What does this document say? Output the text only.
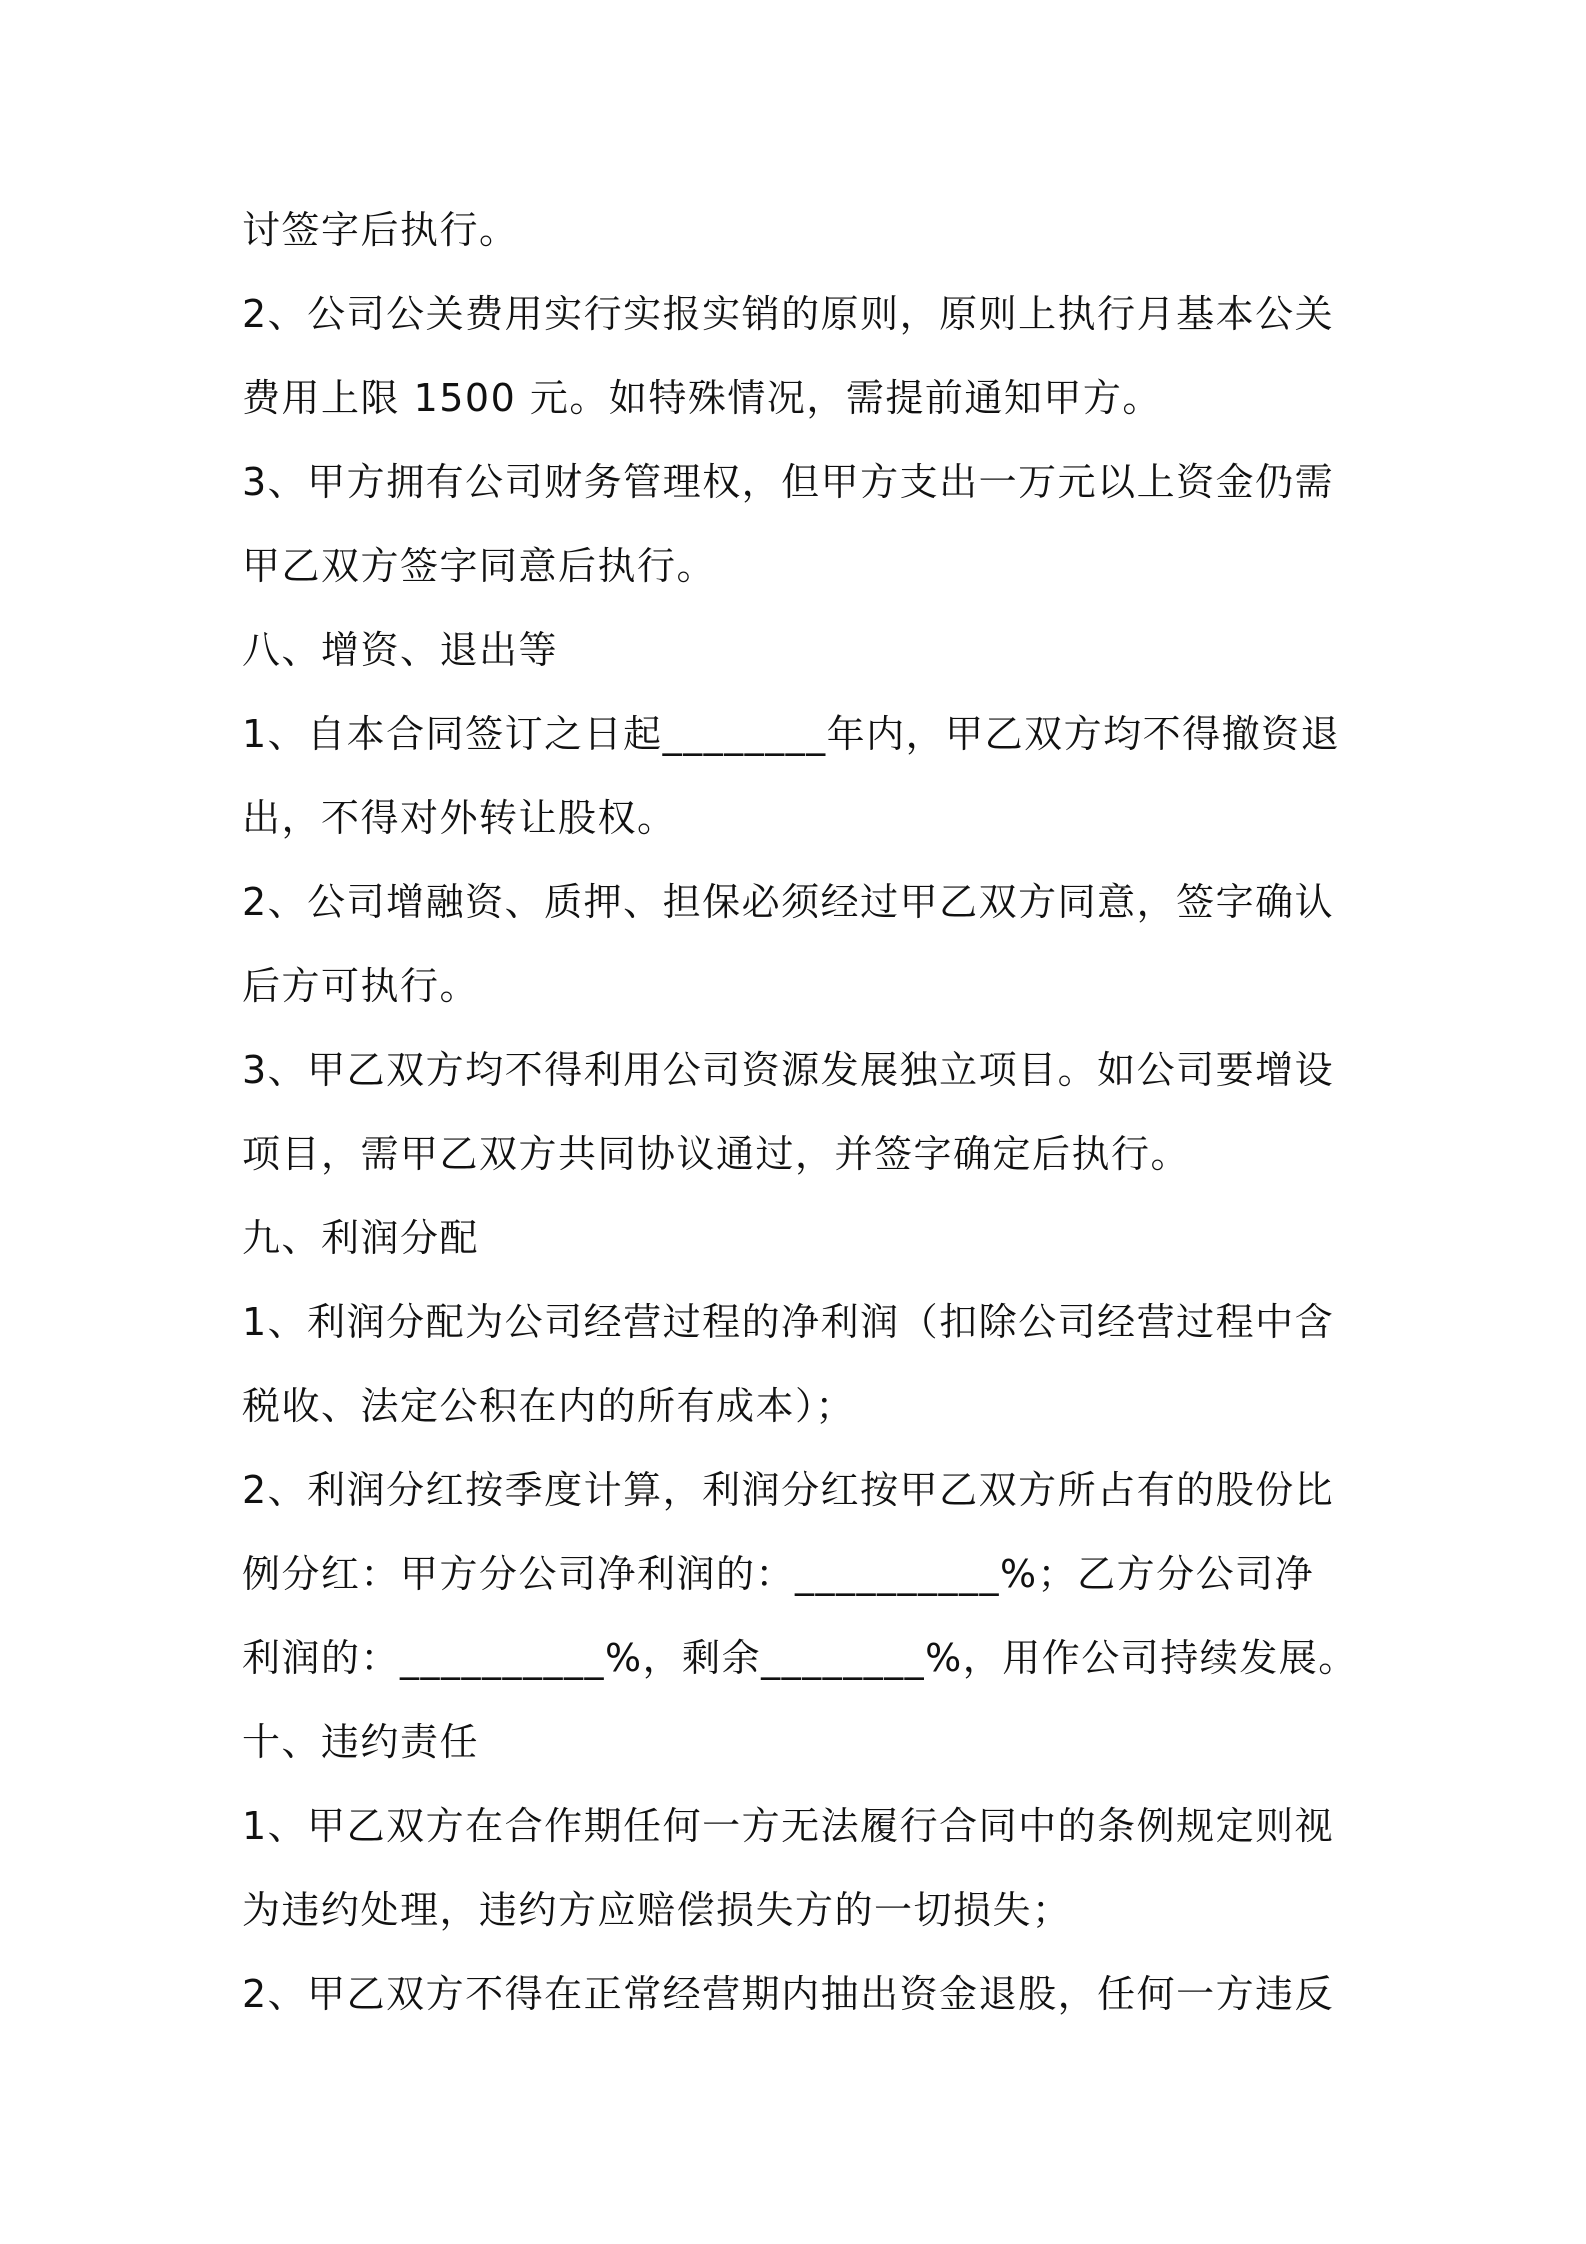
讨签字后执行。
2、公司公关费用实行实报实销的原则，原则上执行月基本公关
费用上限 1500 元。如特殊情况，需提前通知甲方。
3、甲方拥有公司财务管理权，但甲方支出一万元以上资金仍需
甲乙双方签字同意后执行。
八、增资、退出等
1、自本合同签订之日起________年内，甲乙双方均不得撤资退
出，不得对外转让股权。
2、公司增融资、质押、担保必须经过甲乙双方同意，签字确认
后方可执行。
3、甲乙双方均不得利用公司资源发展独立项目。如公司要增设
项目，需甲乙双方共同协议通过，并签字确定后执行。
九、利润分配
1、利润分配为公司经营过程的净利润（扣除公司经营过程中含
税收、法定公积在内的所有成本）；
2、利润分红按季度计算，利润分红按甲乙双方所占有的股份比
例分红：甲方分公司净利润的：__________%；乙方分公司净
利润的：__________%，剩余________%，用作公司持续发展。
十、违约责任
1、甲乙双方在合作期任何一方无法履行合同中的条例规定则视
为违约处理，违约方应赔偿损失方的一切损失；
2、甲乙双方不得在正常经营期内抽出资金退股，任何一方违反
